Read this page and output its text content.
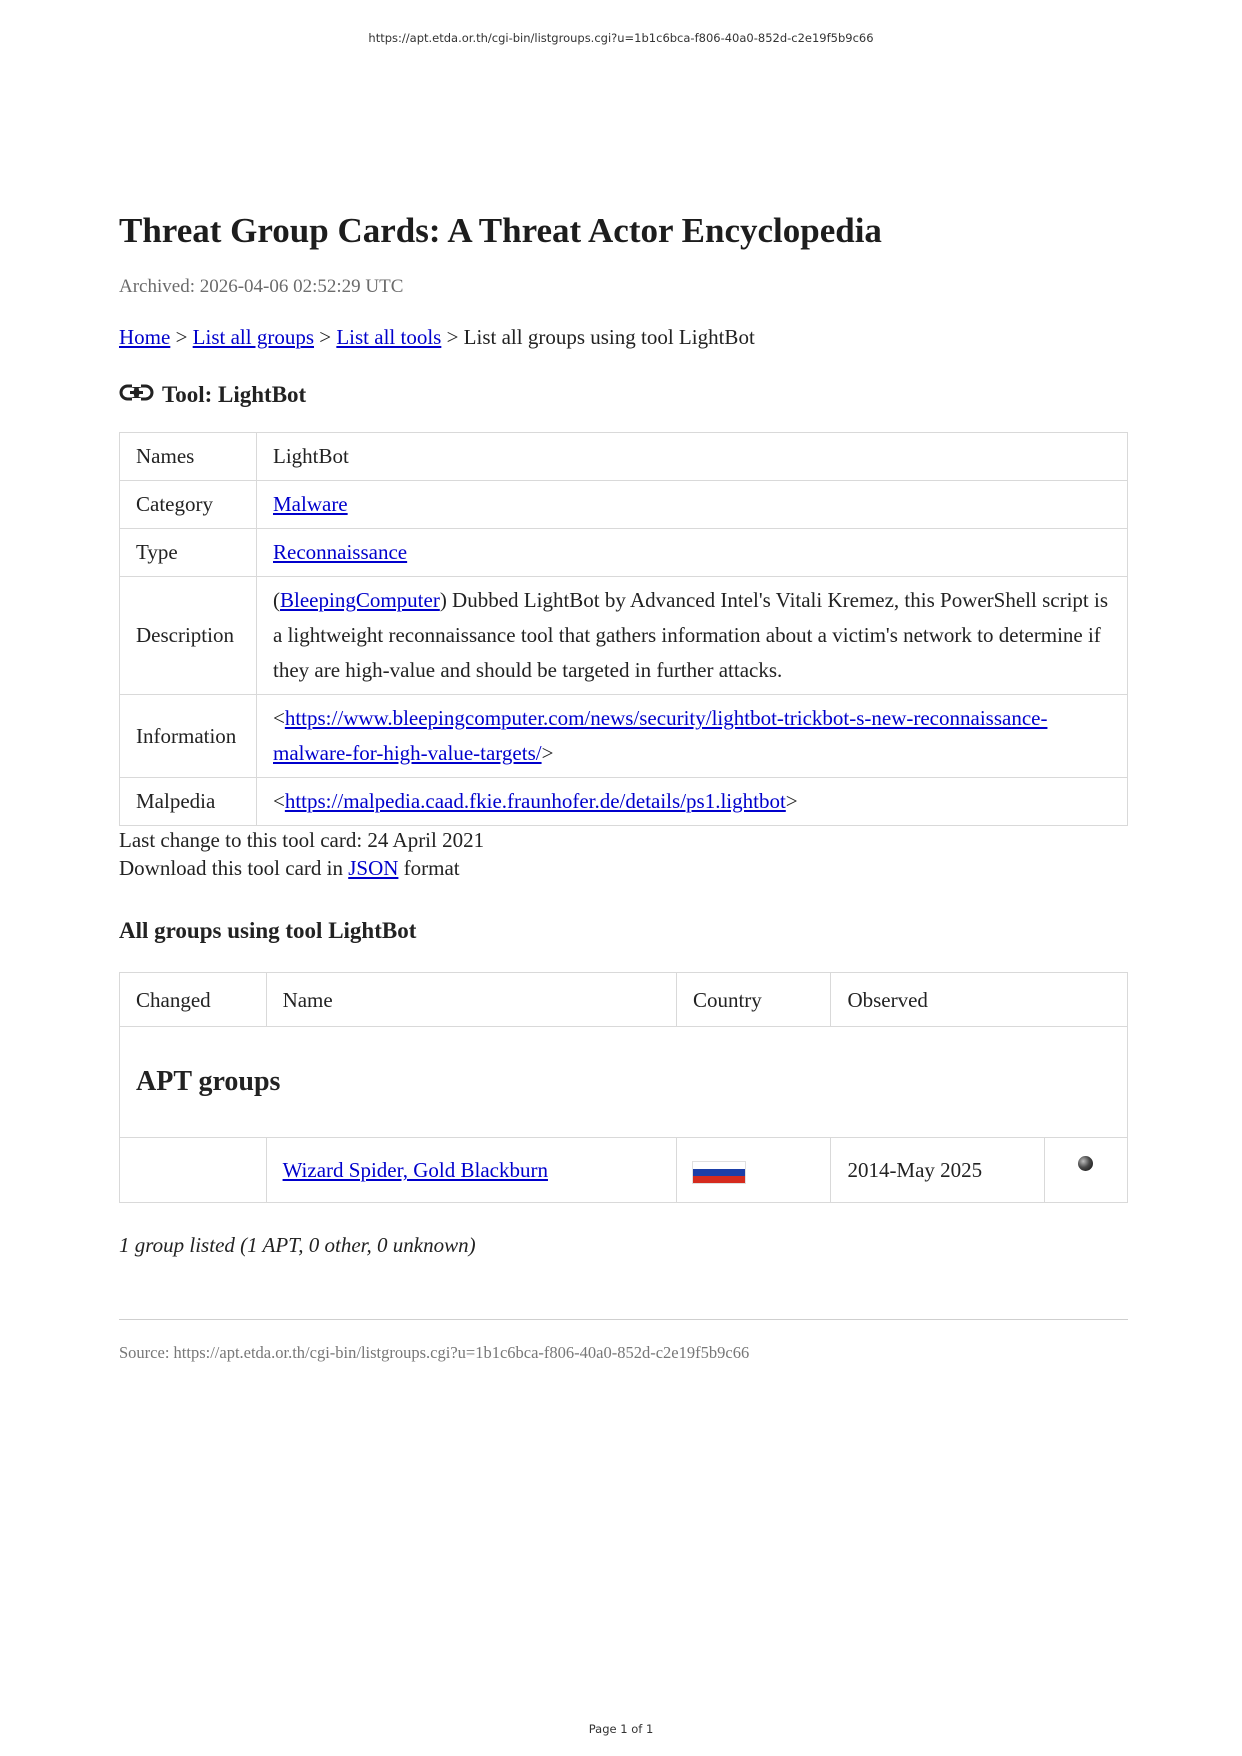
https://apt.etda.or.th/cgi-bin/listgroups.cgi?u=1b1c6bca-f806-40a0-852d-c2e19f5b9c66
Threat Group Cards: A Threat Actor Encyclopedia
Archived: 2026-04-06 02:52:29 UTC
Home > List all groups > List all tools > List all groups using tool LightBot
Tool: LightBot
Names	LightBot
Category	Malware
Type	Reconnaissance
Description	(BleepingComputer) Dubbed LightBot by Advanced Intel's Vitali Kremez, this PowerShell script is a lightweight reconnaissance tool that gathers information about a victim's network to determine if they are high-value and should be targeted in further attacks.
Information	<https://www.bleepingcomputer.com/news/security/lightbot-trickbot-s-new-reconnaissance-malware-for-high-value-targets/>
Malpedia	<https://malpedia.caad.fkie.fraunhofer.de/details/ps1.lightbot>

Last change to this tool card: 24 April 2021

Download this tool card in JSON format

All groups using tool LightBot
Changed	Name	Country	Observed	
APT groups				
	Wizard Spider, Gold Blackburn		2014-May 2025	
1 group listed (1 APT, 0 other, 0 unknown)
Source: https://apt.etda.or.th/cgi-bin/listgroups.cgi?u=1b1c6bca-f806-40a0-852d-c2e19f5b9c66
Page 1 of 1
